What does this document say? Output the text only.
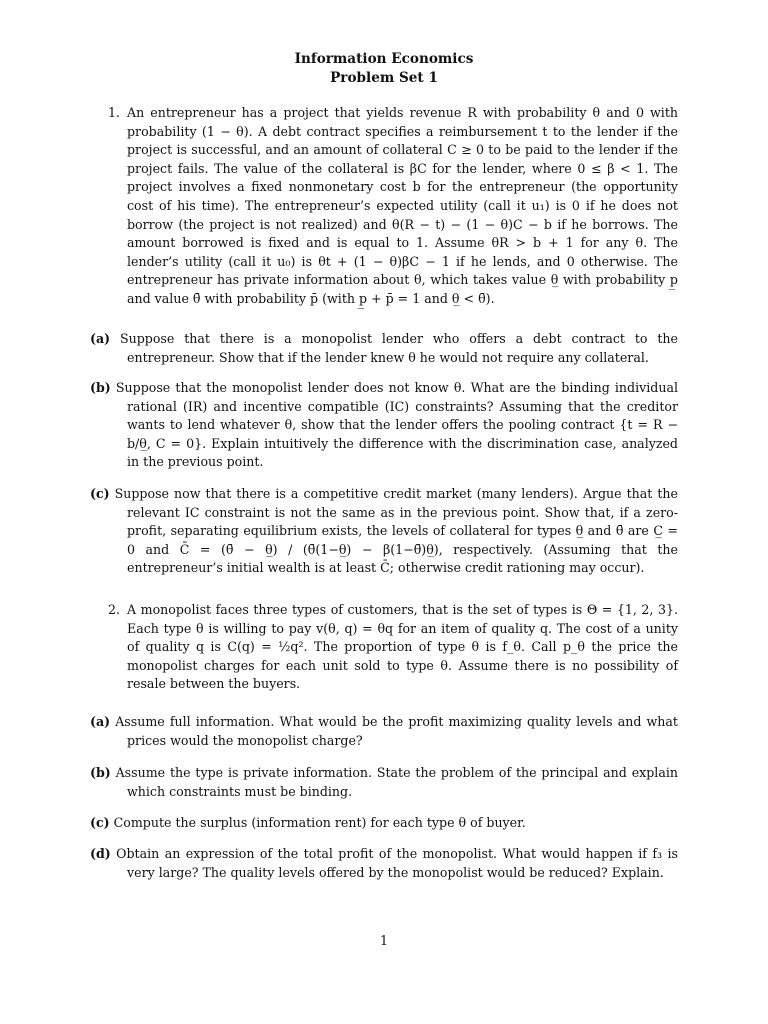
Information Economics
Problem Set 1
1. An entrepreneur has a project that yields revenue R with probability θ and 0 with probability (1 − θ). A debt contract specifies a reimbursement t to the lender if the project is successful, and an amount of collateral C ≥ 0 to be paid to the lender if the project fails. The value of the collateral is βC for the lender, where 0 ≤ β < 1. The project involves a fixed nonmonetary cost b for the entrepreneur (the opportunity cost of his time). The entrepreneur’s expected utility (call it u₁) is 0 if he does not borrow (the project is not realized) and θ(R − t) − (1 − θ)C − b if he borrows. The amount borrowed is fixed and is equal to 1. Assume θR > b + 1 for any θ. The lender’s utility (call it u₀) is θt + (1 − θ)βC − 1 if he lends, and 0 otherwise. The entrepreneur has private information about θ, which takes value θ̲ with probability p̲ and value θ̄ with probability p̄ (with p̲ + p̄ = 1 and θ̲ < θ̄).
(a) Suppose that there is a monopolist lender who offers a debt contract to the entrepreneur. Show that if the lender knew θ he would not require any collateral.
(b) Suppose that the monopolist lender does not know θ. What are the binding individual rational (IR) and incentive compatible (IC) constraints? Assuming that the creditor wants to lend whatever θ, show that the lender offers the pooling contract {t = R − b/θ̲, C = 0}. Explain intuitively the difference with the discrimination case, analyzed in the previous point.
(c) Suppose now that there is a competitive credit market (many lenders). Argue that the relevant IC constraint is not the same as in the previous point. Show that, if a zero-profit, separating equilibrium exists, the levels of collateral for types θ̲ and θ̄ are C̲ = 0 and C̄ = (θ̄ − θ̲) / (θ̄(1−θ̲) − β(1−θ̄)θ̲), respectively. (Assuming that the entrepreneur’s initial wealth is at least C̄; otherwise credit rationing may occur).
2. A monopolist faces three types of customers, that is the set of types is Θ = {1, 2, 3}. Each type θ is willing to pay v(θ, q) = θq for an item of quality q. The cost of a unity of quality q is C(q) = ½q². The proportion of type θ is f_θ. Call p_θ the price the monopolist charges for each unit sold to type θ. Assume there is no possibility of resale between the buyers.
(a) Assume full information. What would be the profit maximizing quality levels and what prices would the monopolist charge?
(b) Assume the type is private information. State the problem of the principal and explain which constraints must be binding.
(c) Compute the surplus (information rent) for each type θ of buyer.
(d) Obtain an expression of the total profit of the monopolist. What would happen if f₃ is very large? The quality levels offered by the monopolist would be reduced? Explain.
1
